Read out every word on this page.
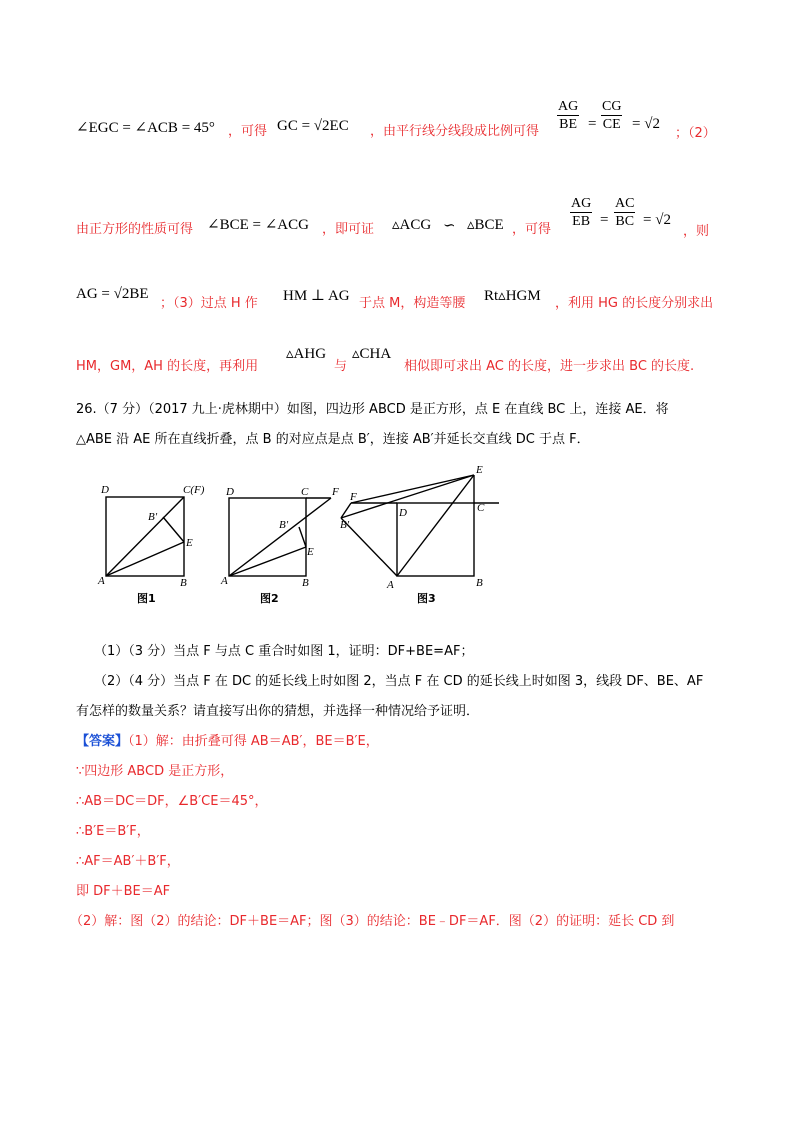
∠EGC = ∠ACB = 45° ，可得 GC = √2EC ，由平行线分线段成比例可得 $\frac{AG}{BE} = \frac{CG}{CE} = √2$
；（2）
由正方形的性质可得 ∠BCE = ∠ACG ，即可证 ▵ACG ∽ ▵BCE ，可得 $\frac{AG}{EB} = \frac{AC}{BC} = √2$
，则
AG = √2BE
；（3）过点 H 作 HM ⊥ AG 于点 M，构造等腰 Rt▵HGM ，利用 HG 的长度分别求出
HM，GM，AH 的长度，再利用
▵AHG
与
▵CHA
相似即可求出 AC 的长度，进一步求出 BC 的长度.
26.（7 分）（2017 九上·虎林期中）如图，四边形 ABCD 是正方形，点 E 在直线 BC 上，连接 AE．将
△ABE 沿 AE 所在直线折叠，点 B 的对应点是点 B′，连接 AB′并延长交直线 DC 于点 F．
D	C(F)
B′
E
A	B
图1
D	C F
B′
E
A	B
图2
F
B′
D	C
E
A	B
图3
（1）（3 分）当点 F 与点 C 重合时如图 1，证明：DF+BE=AF；
（2）（4 分）当点 F 在 DC 的延长线上时如图 2，当点 F 在 CD 的延长线上时如图 3，线段 DF、BE、AF
有怎样的数量关系？请直接写出你的猜想，并选择一种情况给予证明．
【答案】（1）解：由折叠可得 AB＝AB′，BE＝B′E，
∵四边形 ABCD 是正方形，
∴AB＝DC＝DF，∠B′CE＝45°，
∴B′E＝B′F，
∴AF＝AB′＋B′F，
即 DF＋BE＝AF
（2）解：图（2）的结论：DF＋BE＝AF；图（3）的结论：BE﹣DF＝AF．图（2）的证明：延长 CD 到
